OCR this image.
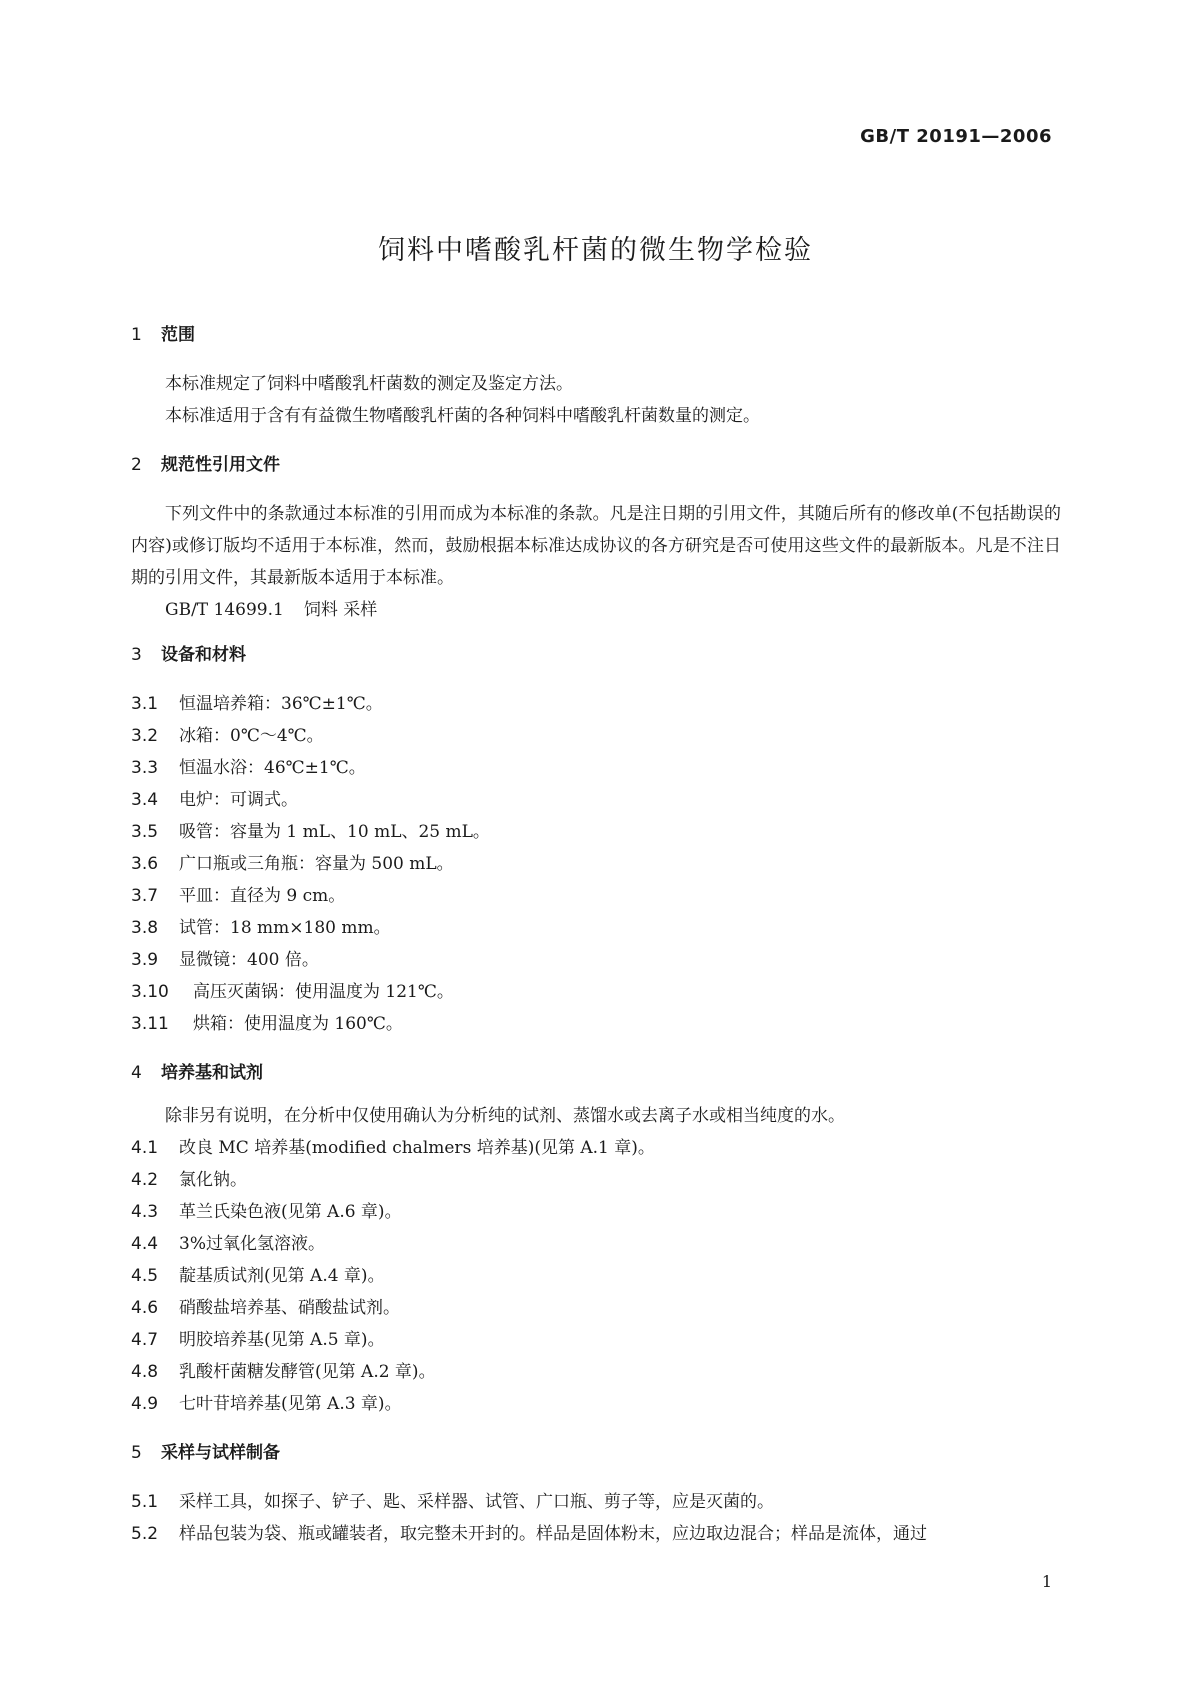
GB/T 20191—2006
饲料中嗜酸乳杆菌的微生物学检验
1 范围

本标准规定了饲料中嗜酸乳杆菌数的测定及鉴定方法。

本标准适用于含有有益微生物嗜酸乳杆菌的各种饲料中嗜酸乳杆菌数量的测定。

2 规范性引用文件

下列文件中的条款通过本标准的引用而成为本标准的条款。凡是注日期的引用文件，其随后所有的修改单(不包括勘误的内容)或修订版均不适用于本标准，然而，鼓励根据本标准达成协议的各方研究是否可使用这些文件的最新版本。凡是不注日期的引用文件，其最新版本适用于本标准。

GB/T 14699.1 饲料 采样

3 设备和材料
3.1 恒温培养箱：36℃±1℃。
3.2 冰箱：0℃～4℃。
3.3 恒温水浴：46℃±1℃。
3.4 电炉：可调式。
3.5 吸管：容量为 1 mL、10 mL、25 mL。
3.6 广口瓶或三角瓶：容量为 500 mL。
3.7 平皿：直径为 9 cm。
3.8 试管：18 mm×180 mm。
3.9 显微镜：400 倍。
3.10 高压灭菌锅：使用温度为 121℃。
3.11 烘箱：使用温度为 160℃。
4 培养基和试剂

除非另有说明，在分析中仅使用确认为分析纯的试剂、蒸馏水或去离子水或相当纯度的水。

4.1 改良 MC 培养基(modified chalmers 培养基)(见第 A.1 章)。
4.2 氯化钠。
4.3 革兰氏染色液(见第 A.6 章)。
4.4 3%过氧化氢溶液。
4.5 靛基质试剂(见第 A.4 章)。
4.6 硝酸盐培养基、硝酸盐试剂。
4.7 明胶培养基(见第 A.5 章)。
4.8 乳酸杆菌糖发酵管(见第 A.2 章)。
4.9 七叶苷培养基(见第 A.3 章)。
5 采样与试样制备
5.1 采样工具，如探子、铲子、匙、采样器、试管、广口瓶、剪子等，应是灭菌的。
5.2 样品包装为袋、瓶或罐装者，取完整未开封的。样品是固体粉末，应边取边混合；样品是流体，通过
1
